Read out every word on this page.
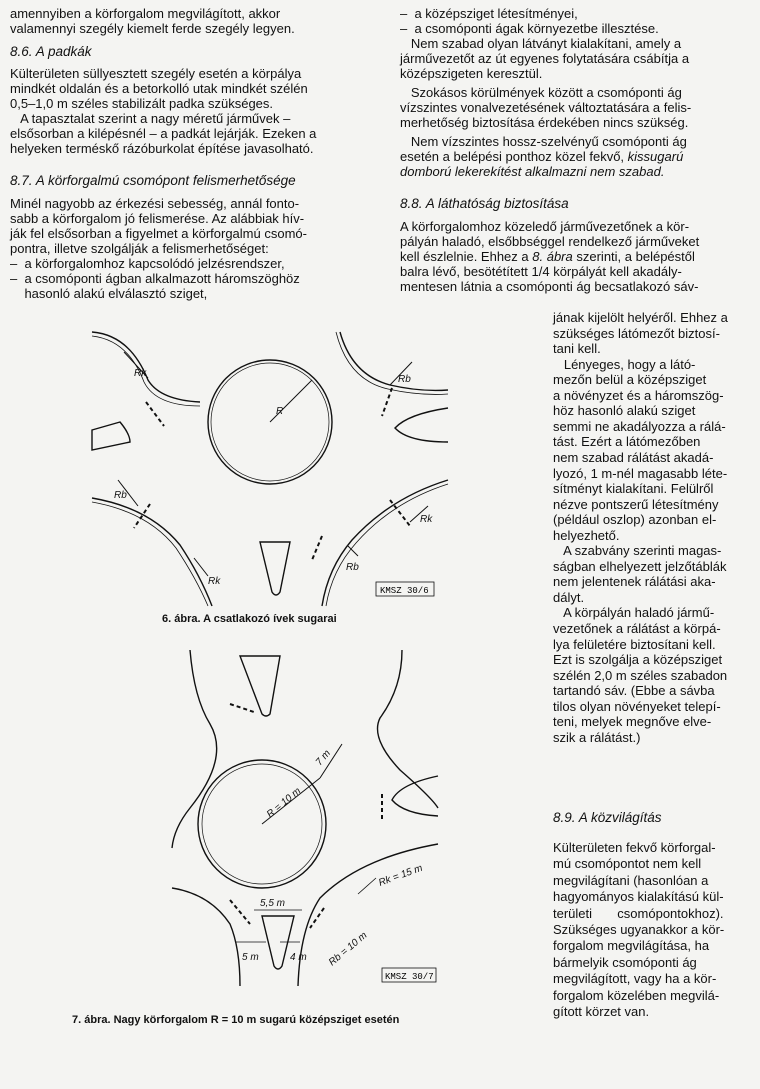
amennyiben a körforgalom megvilágított, akkor
valamennyi szegély kiemelt ferde szegély legyen.
8.6. A padkák
Külterületen süllyesztett szegély esetén a körpálya
mindkét oldalán és a betorkolló utak mindkét szélén
0,5–1,0 m széles stabilizált padka szükséges.
A tapasztalat szerint a nagy méretű járművek –
elsősorban a kilépésnél – a padkát lejárják. Ezeken a
helyeken terméskő rázóburkolat építése javasolható.
8.7. A körforgalmú csomópont felismerhetősége
Minél nagyobb az érkezési sebesség, annál fonto-
sabb a körforgalom jó felismerése. Az alábbiak hív-
ják fel elsősorban a figyelmet a körforgalmú csomó-
pontra, illetve szolgálják a felismerhetőséget:
–  a körforgalomhoz kapcsolódó jelzésrendszer,
–  a csomóponti ágban alkalmazott háromszöghöz
hasonló alakú elválasztó sziget,
–  a középsziget létesítményei,
–  a csomóponti ágak környezetbe illesztése.
Nem szabad olyan látványt kialakítani, amely a
járművezetőt az út egyenes folytatására csábítja a
középszigeten keresztül.
Szokásos körülmények között a csomóponti ág
vízszintes vonalvezetésének változtatására a felis-
merhetőség biztosítása érdekében nincs szükség.
Nem vízszintes hossz-szelvényű csomóponti ág
esetén a belépési ponthoz közel fekvő, kissugarú
domború lekerekítést alkalmazni nem szabad.
8.8. A láthatóság biztosítása
A körforgalomhoz közeledő járművezetőnek a kör-
pályán haladó, elsőbbséggel rendelkező járműveket
kell észlelnie. Ehhez a 8. ábra szerinti, a belépéstől
balra lévő, besötétített 1/4 körpályát kell akadály-
mentesen látnia a csomóponti ág becsatlakozó sáv-
jának kijelölt helyéről. Ehhez a
szükséges látómezőt biztosí-
tani kell.
Lényeges, hogy a látó-
mezőn belül a középsziget
a növényzet és a háromszög-
höz hasonló alakú sziget
semmi ne akadályozza a rálá-
tást. Ezért a látómezőben
nem szabad rálátást akadá-
lyozó, 1 m-nél magasabb léte-
sítményt kialakítani. Felülről
nézve pontszerű létesítmény
(például oszlop) azonban el-
helyezhető.
A szabvány szerinti magas-
ságban elhelyezett jelzőtáblák
nem jelentenek rálátási aka-
dályt.
A körpályán haladó jármű-
vezetőnek a rálátást a körpá-
lya felületére biztosítani kell.
Ezt is szolgálja a középsziget
szélén 2,0 m széles szabadon
tartandó sáv. (Ebbe a sávba
tilos olyan növényeket telepí-
teni, melyek megnőve elve-
szik a rálátást.)
8.9. A közvilágítás
Külterületen fekvő körforgal-
mú csomópontot nem kell
megvilágítani (hasonlóan a
hagyományos kialakítású kül-
területi       csomópontokhoz).
Szükséges ugyanakkor a kör-
forgalom megvilágítása, ha
bármelyik csomóponti ág
megvilágított, vagy ha a kör-
forgalom közelében megvilá-
gított körzet van.
Rk
Rb
R
Rb
Rk
Rk
Rb
KMSZ 30/6
6. ábra. A csatlakozó ívek sugarai
R = 10 m
7 m
Rk = 15 m
Rb = 10 m
5,5 m
5 m	4 m
KMSZ 30/7
7. ábra. Nagy körforgalom R = 10 m sugarú középsziget esetén
